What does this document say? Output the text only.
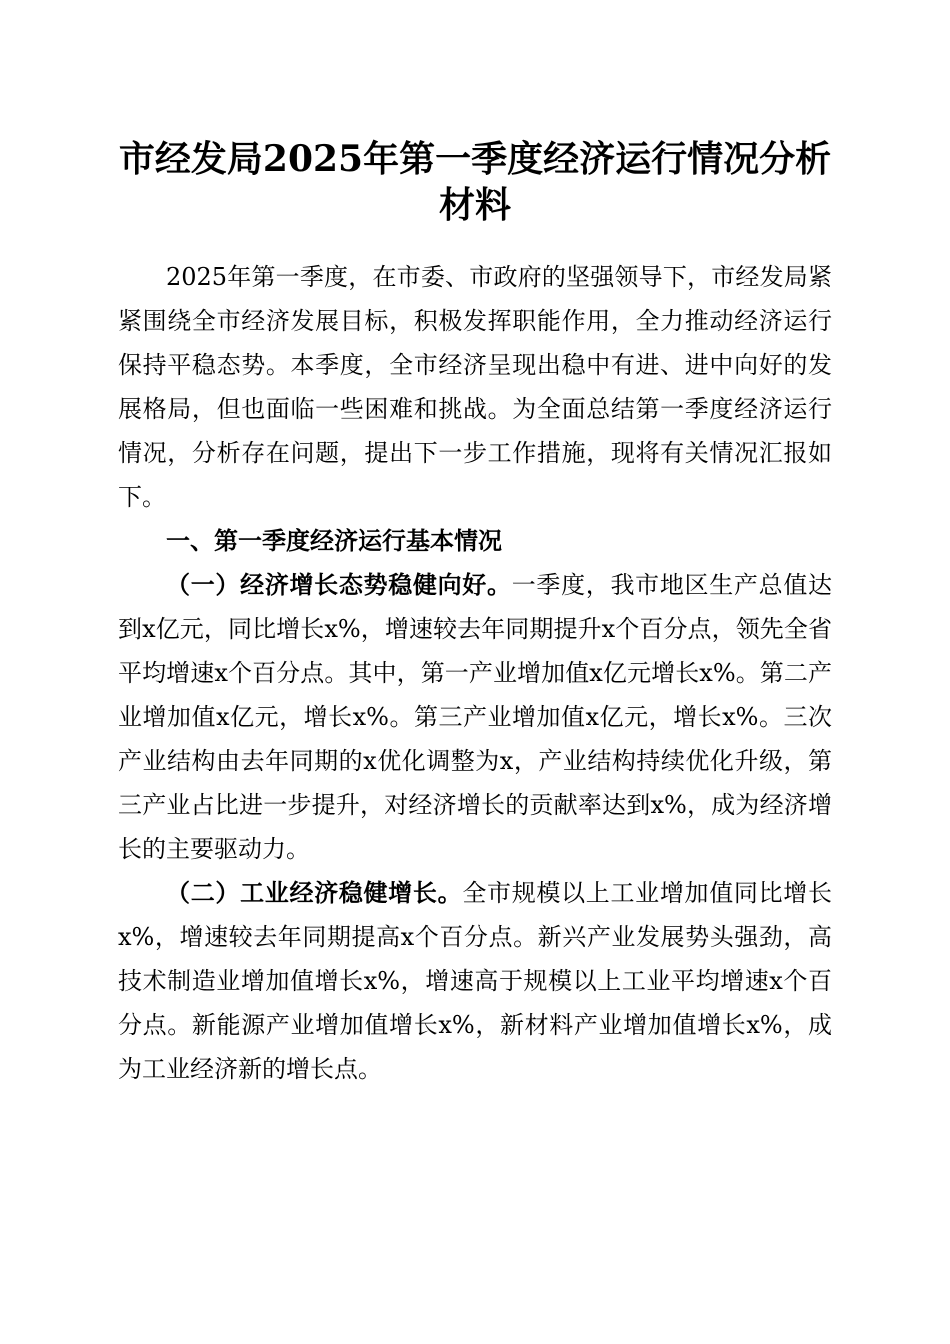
市经发局2025年第一季度经济运行情况分析
材料

2025年第一季度，在市委、市政府的坚强领导下，市经发局紧紧围绕全市经济发展目标，积极发挥职能作用，全力推动经济运行保持平稳态势。本季度，全市经济呈现出稳中有进、进中向好的发展格局，但也面临一些困难和挑战。为全面总结第一季度经济运行情况，分析存在问题，提出下一步工作措施，现将有关情况汇报如下。

一、第一季度经济运行基本情况

（一）经济增长态势稳健向好。一季度，我市地区生产总值达到x亿元，同比增长x%，增速较去年同期提升x个百分点，领先全省平均增速x个百分点。其中，第一产业增加值x亿元增长x%。第二产业增加值x亿元，增长x%。第三产业增加值x亿元，增长x%。三次产业结构由去年同期的x优化调整为x，产业结构持续优化升级，第三产业占比进一步提升，对经济增长的贡献率达到x%，成为经济增长的主要驱动力。

（二）工业经济稳健增长。全市规模以上工业增加值同比增长x%，增速较去年同期提高x个百分点。新兴产业发展势头强劲，高技术制造业增加值增长x%，增速高于规模以上工业平均增速x个百分点。新能源产业增加值增长x%，新材料产业增加值增长x%，成为工业经济新的增长点。
